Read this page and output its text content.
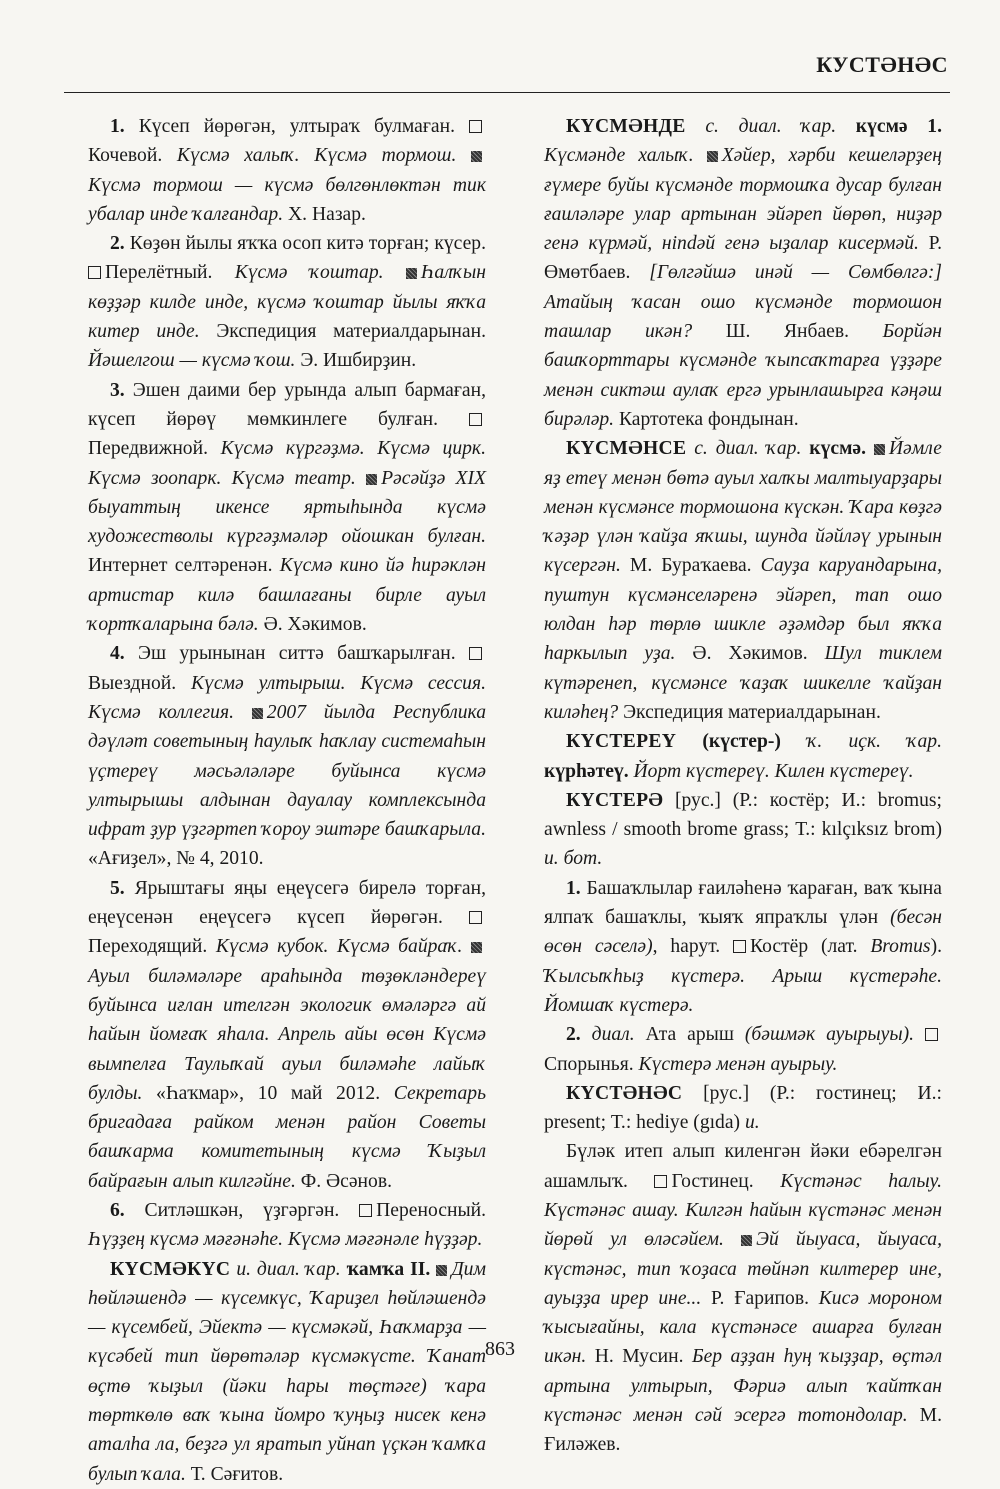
КУСТӘНӘС

1. Күсеп йөрөгән, ултыраҡ булмаған. Кочевой. Күсмә халыҡ. Күсмә тормош. Күсмә тормош — күсмә бөлгөнлөктән тик убалар инде ҡалғандар. Х. Назар.

2. Көҙөн йылы яҡҡа осоп китә торған; күсер. Перелётный. Күсмә ҡоштар. Һалҡын көҙҙәр килде инде, күсмә ҡоштар йылы яҡҡа китер инде. Экспедиция материалдарынан. Йәшелгош — күсмә ҡош. Э. Ишбирҙин.

3. Эшен даими бер урында алып бармаған, күсеп йөрөү мөмкинлеге булған. Передвижной. Күсмә күргәҙмә. Күсмә цирк. Күсмә зоопарк. Күсмә театр. Рәсәйҙә XIX быуаттың икенсе яртыһында күсмә художестволы күргәҙмәләр ойошкан булған. Интернет селтәренән. Күсмә кино йә һирәклән артистар килә башлағаны бирле ауыл ҡортҡаларына бәлә. Ә. Хәкимов.

4. Эш урынынан ситтә башҡарылған. Выездной. Күсмә ултырыш. Күсмә сессия. Күсмә коллегия. 2007 йылда Республика дәүләт советының һаулыҡ һаҡлау системаһын үҫтереү мәсьәләләре буйынса күсмә ултырышы алдынан дауалау комплексында ифрат ҙур үҙгәртеп ҡороу эштәре башҡарыла. «Ағиҙел», № 4, 2010.

5. Ярыштағы яңы еңеүсегә бирелә торған, еңеүсенән еңеүсегә күсеп йөрөгән. Переходящий. Күсмә кубок. Күсмә байраҡ. Ауыл биләмәләре араһында төҙөкләндереү буйынса иғлан ителгән экологик өмәләргә ай һайын йомғаҡ яһала. Апрель айы өсөн Күсмә вымпелға Таулыҡай ауыл биләмәһе лайыҡ булды. «Һаҡмар», 10 май 2012. Секретарь бригадаға райком менән район Советы башҡарма комитетының күсмә Ҡыҙыл байрағын алып килгәйне. Ф. Әсәнов.

6. Ситләшкән, үҙгәргән. Переносный. Һүҙҙең күсмә мәғәнәһе. Күсмә мәғәнәле һүҙҙәр.

КҮСМӘКҮС и. диал. ҡар. ҡамҡа II. Дим һөйләшендә — күсемкүс, Ҡариҙел һөйләшендә — күсембей, Эйектә — күсмәкәй, Һаҡмарҙа — күсәбей тип йөрөтәләр күсмәкүсте. Ҡанат өҫтө ҡыҙыл (йәки һары төҫтәге) ҡара төрткөлө ваҡ ҡына йомро ҡуңыҙ нисек кенә аталһа ла, беҙгә ул яратып уйнап үҫкән ҡамҡа булып ҡала. Т. Сәғитов.

КҮСМӘНДЕ с. диал. ҡар. күсмә 1. Күсмәнде халыҡ. Хәйер, хәрби кешеләрҙең ғүмере буйы күсмәнде тормошҡа дусар булған ғаиләләре улар артынан эйәреп йөрөп, ниҙәр генә күрмәй, нindәй генә ыҙалар кисермәй. Р. Өмөтбаев. [Гөлгәйшә инәй — Сөмбөлгә:] Атайың ҡасан ошо күсмәнде тормошон ташлар икән? Ш. Янбаев. Борйән башҡорттары күсмәнде ҡыпсаҡтарға үҙҙәре менән сиктәш аулаҡ ергә урынлашырға кәңәш бирәләр. Картотека фондынан.

КҮСМӘНСЕ с. диал. ҡар. күсмә. Йәмле яҙ етеү менән бөтә ауыл халҡы малтыуарҙары менән күсмәнсе тормошона күскән. Ҡара көҙгә ҡәҙәр үлән ҡайҙа яҡшы, шунда йәйләү урынын күсергән. М. Бураҡаева. Сауҙа каруандарына, пуштун күсмәнселәренә эйәреп, тап ошо юлдан һәр төрлө шикле әҙәмдәр был яҡҡа һаркылып уҙа. Ә. Хәкимов. Шул тиклем күтәренеп, күсмәнсе ҡаҙаҡ шикелле ҡайҙан киләһең? Экспедиция материалдарынан.

КҮСТЕРЕҮ (күстер-) ҡ. иҫк. ҡар. күрһәтеү. Йорт күстереү. Килен күстереү.

КҮСТЕРӘ [рус.] (Р.: костёр; И.: bromus; awnless / smooth brome grass; Т.: kılçıksız brom) и. бот.

1. Башаҡлылар ғаиләһенә ҡараған, ваҡ ҡына ялпаҡ башаҡлы, ҡыяҡ япраҡлы үлән (бесән өсөн сәселә), һарут. Костёр (лат. Bromus). Ҡылсыҡһыҙ күстерә. Арыш күстерәһе. Йомшаҡ күстерә.

2. диал. Ата арыш (бәшмәк ауырыуы).  Спорынья. Күстерә менән ауырыу.

КҮСТӘНӘС [рус.] (Р.: гостинец; И.: present; Т.: hediye (gıda) и.

Бүләк итеп алып киленгән йәки ебәрелгән ашамлыҡ. Гостинец. Күстәнәс һалыу. Күстәнәс ашау. Килгән һайын күстәнәс менән йөрөй ул өләсәйем. Эй йыуаса, йыуаса, күстәнәс, тип ҡоҙаса төйнәп килтерер ине, ауыҙҙа ирер ине... Р. Ғарипов. Кисә мороном ҡысығайны, кала күстәнәсе ашарға булған икән. Н. Мусин. Бер аҙҙан һуң ҡыҙҙар, өҫтәл артына ултырып, Фәриә алып ҡайтҡан күстәнәс менән сәй эсергә тотондолар. М. Ғиләжев.

863
